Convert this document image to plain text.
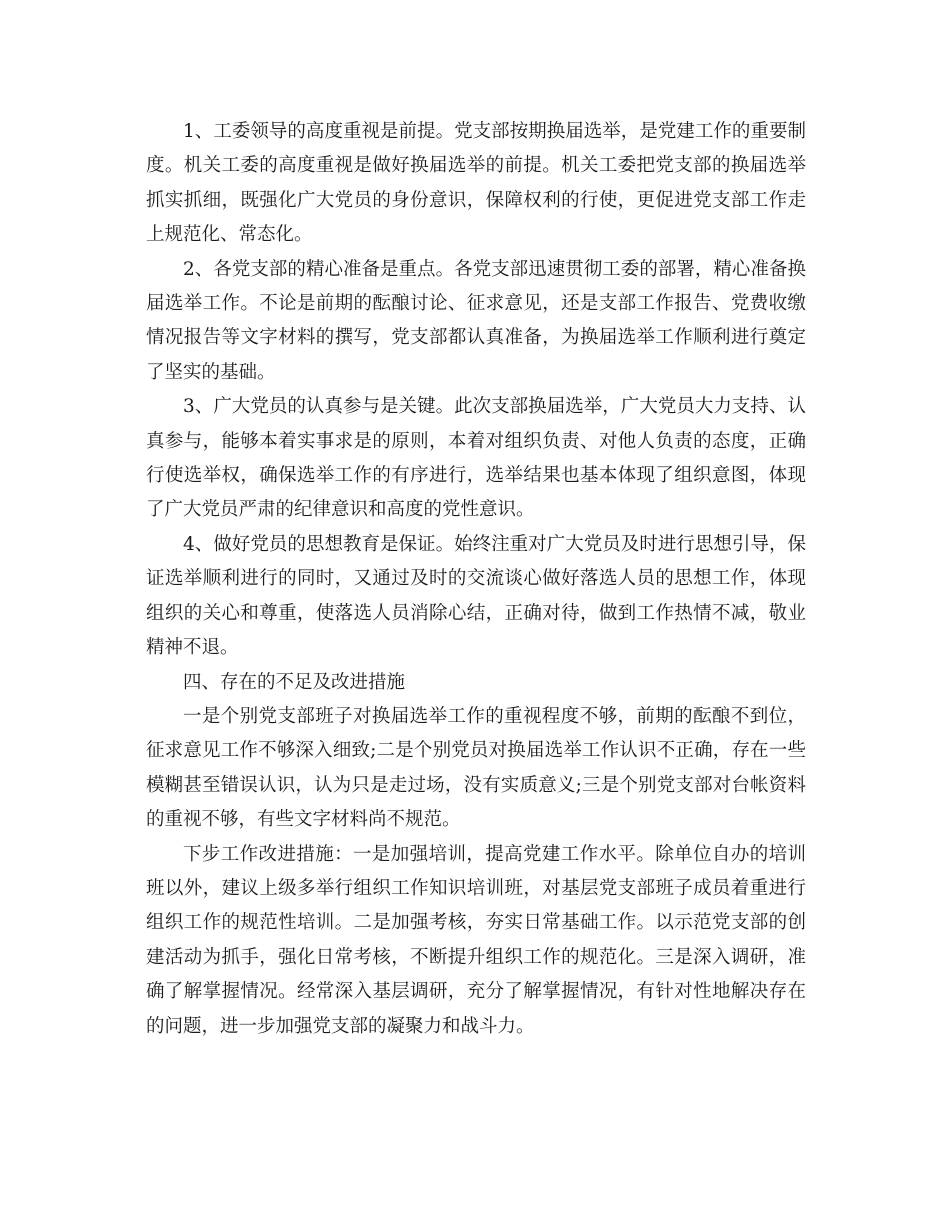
1、工委领导的高度重视是前提。党支部按期换届选举，是党建工作的重要制度。机关工委的高度重视是做好换届选举的前提。机关工委把党支部的换届选举抓实抓细，既强化广大党员的身份意识，保障权利的行使，更促进党支部工作走上规范化、常态化。

2、各党支部的精心准备是重点。各党支部迅速贯彻工委的部署，精心准备换届选举工作。不论是前期的酝酿讨论、征求意见，还是支部工作报告、党费收缴情况报告等文字材料的撰写，党支部都认真准备，为换届选举工作顺利进行奠定了坚实的基础。

3、广大党员的认真参与是关键。此次支部换届选举，广大党员大力支持、认真参与，能够本着实事求是的原则，本着对组织负责、对他人负责的态度，正确行使选举权，确保选举工作的有序进行，选举结果也基本体现了组织意图，体现了广大党员严肃的纪律意识和高度的党性意识。

4、做好党员的思想教育是保证。始终注重对广大党员及时进行思想引导，保证选举顺利进行的同时，又通过及时的交流谈心做好落选人员的思想工作，体现组织的关心和尊重，使落选人员消除心结，正确对待，做到工作热情不减，敬业精神不退。

四、存在的不足及改进措施

一是个别党支部班子对换届选举工作的重视程度不够，前期的酝酿不到位，征求意见工作不够深入细致;二是个别党员对换届选举工作认识不正确，存在一些模糊甚至错误认识，认为只是走过场，没有实质意义;三是个别党支部对台帐资料的重视不够，有些文字材料尚不规范。

下步工作改进措施：一是加强培训，提高党建工作水平。除单位自办的培训班以外，建议上级多举行组织工作知识培训班，对基层党支部班子成员着重进行组织工作的规范性培训。二是加强考核，夯实日常基础工作。以示范党支部的创建活动为抓手，强化日常考核，不断提升组织工作的规范化。三是深入调研，准确了解掌握情况。经常深入基层调研，充分了解掌握情况，有针对性地解决存在的问题，进一步加强党支部的凝聚力和战斗力。
